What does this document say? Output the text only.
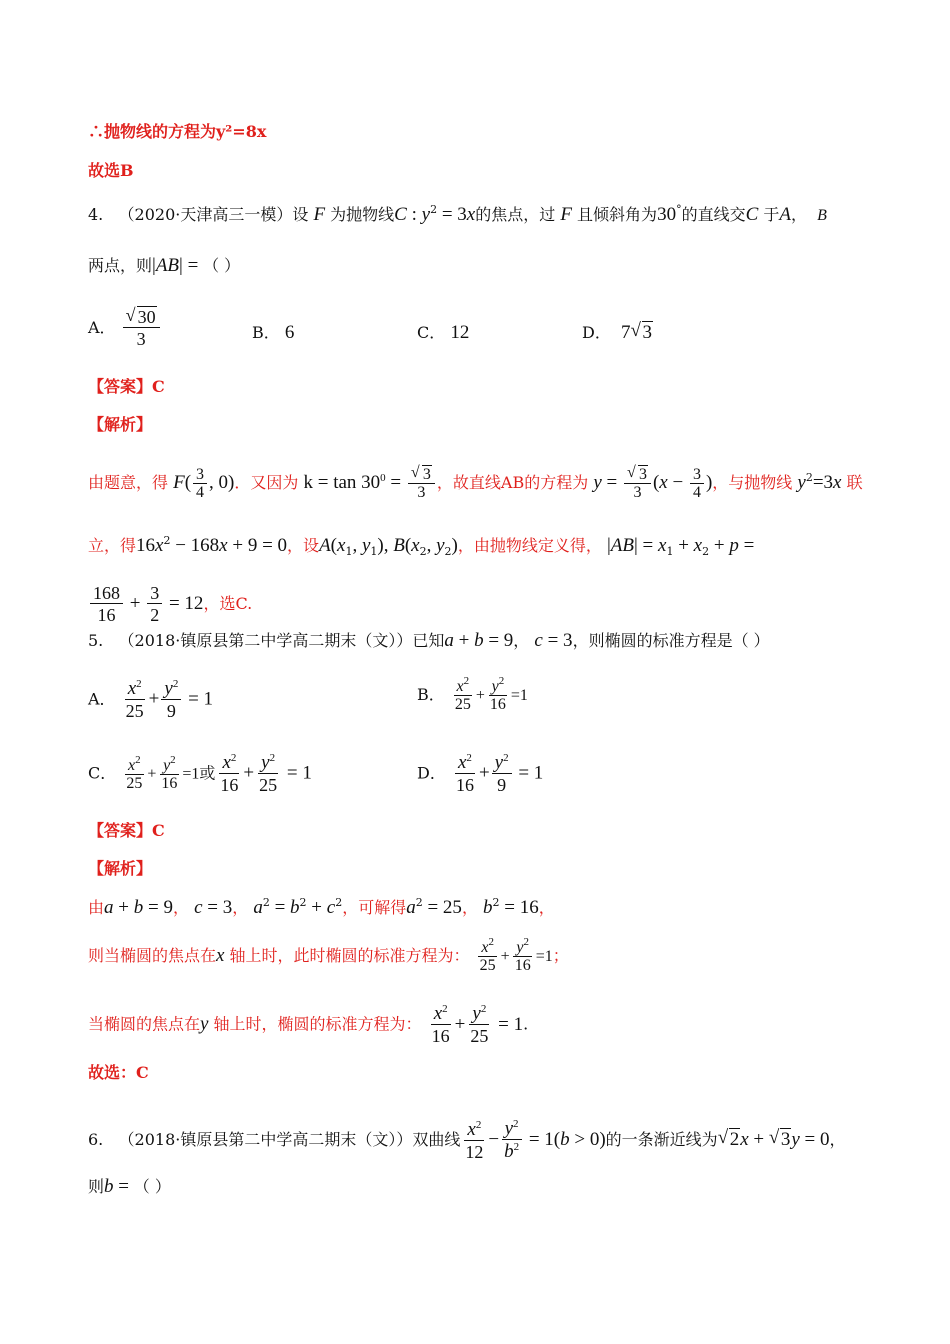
∴抛物线的方程为y²=8x
故选B
4. （2020·天津高三一模）设 F 为抛物线C : $y^2 = 3x$的焦点，过 F 且倾斜角为30°的直线交C 于A， B
两点，则|AB| = （ ）
A． √ $\frac{30}{3}$	B． 6	C． 12	D． 7 √ 3
【答案】C
【解析】
由题意，得 $F( \frac{3}{4}$ , 0)．又因为 $k = \tan 30^0$ = √ $\frac{3}{3}$ ，故直线AB的方程为 y = √ $\frac{3}{3} (x - \frac{3}{4}$ )，与抛物线 $y^2=3x$ 联
立，得$16x^2 - 168x + 9 = 0$，设$A(x_1$, $y_1$), $B(x_2$, $y_2$)，由抛物线定义得， $|AB| = x_1 + x_2 + p$ =
$\frac{168}{16} + \frac{3}{2} = 12$，选C.
5. （2018·镇原县第二中学高二期末（文））已知a + b = 9， c = 3，则椭圆的标准方程是（ ）
A． $\frac{x^2}{25} + \frac{y^2}{9} = 1$	B． $\frac{x^2}{25} + \frac{y^2}{16} =1$
C． $\frac{x^2}{25} + \frac{y^2}{16} =1$或 $\frac{x^2}{16} + \frac{y^2}{25} = 1$	D． $\frac{x^2}{16} + \frac{y^2}{9} = 1$
【答案】C
【解析】
由a + b = 9， c = 3， $a^2 = b^2 + c^2$，可解得$a^2 = 25$， $b^2 = 16$，
则当椭圆的焦点在x 轴上时，此时椭圆的标准方程为： $\frac{x^2}{25} + \frac{y^2}{16} =1$；
当椭圆的焦点在y 轴上时，椭圆的标准方程为： $\frac{x^2}{16} + \frac{y^2}{25} = 1$.
故选：C
6. （2018·镇原县第二中学高二期末（文））双曲线 $\frac{x^2}{12} - \frac{y^2}{b^2} = 1(b > 0)$的一条渐近线为 √ 2x + √ 3y = 0，
则b = （ ）
